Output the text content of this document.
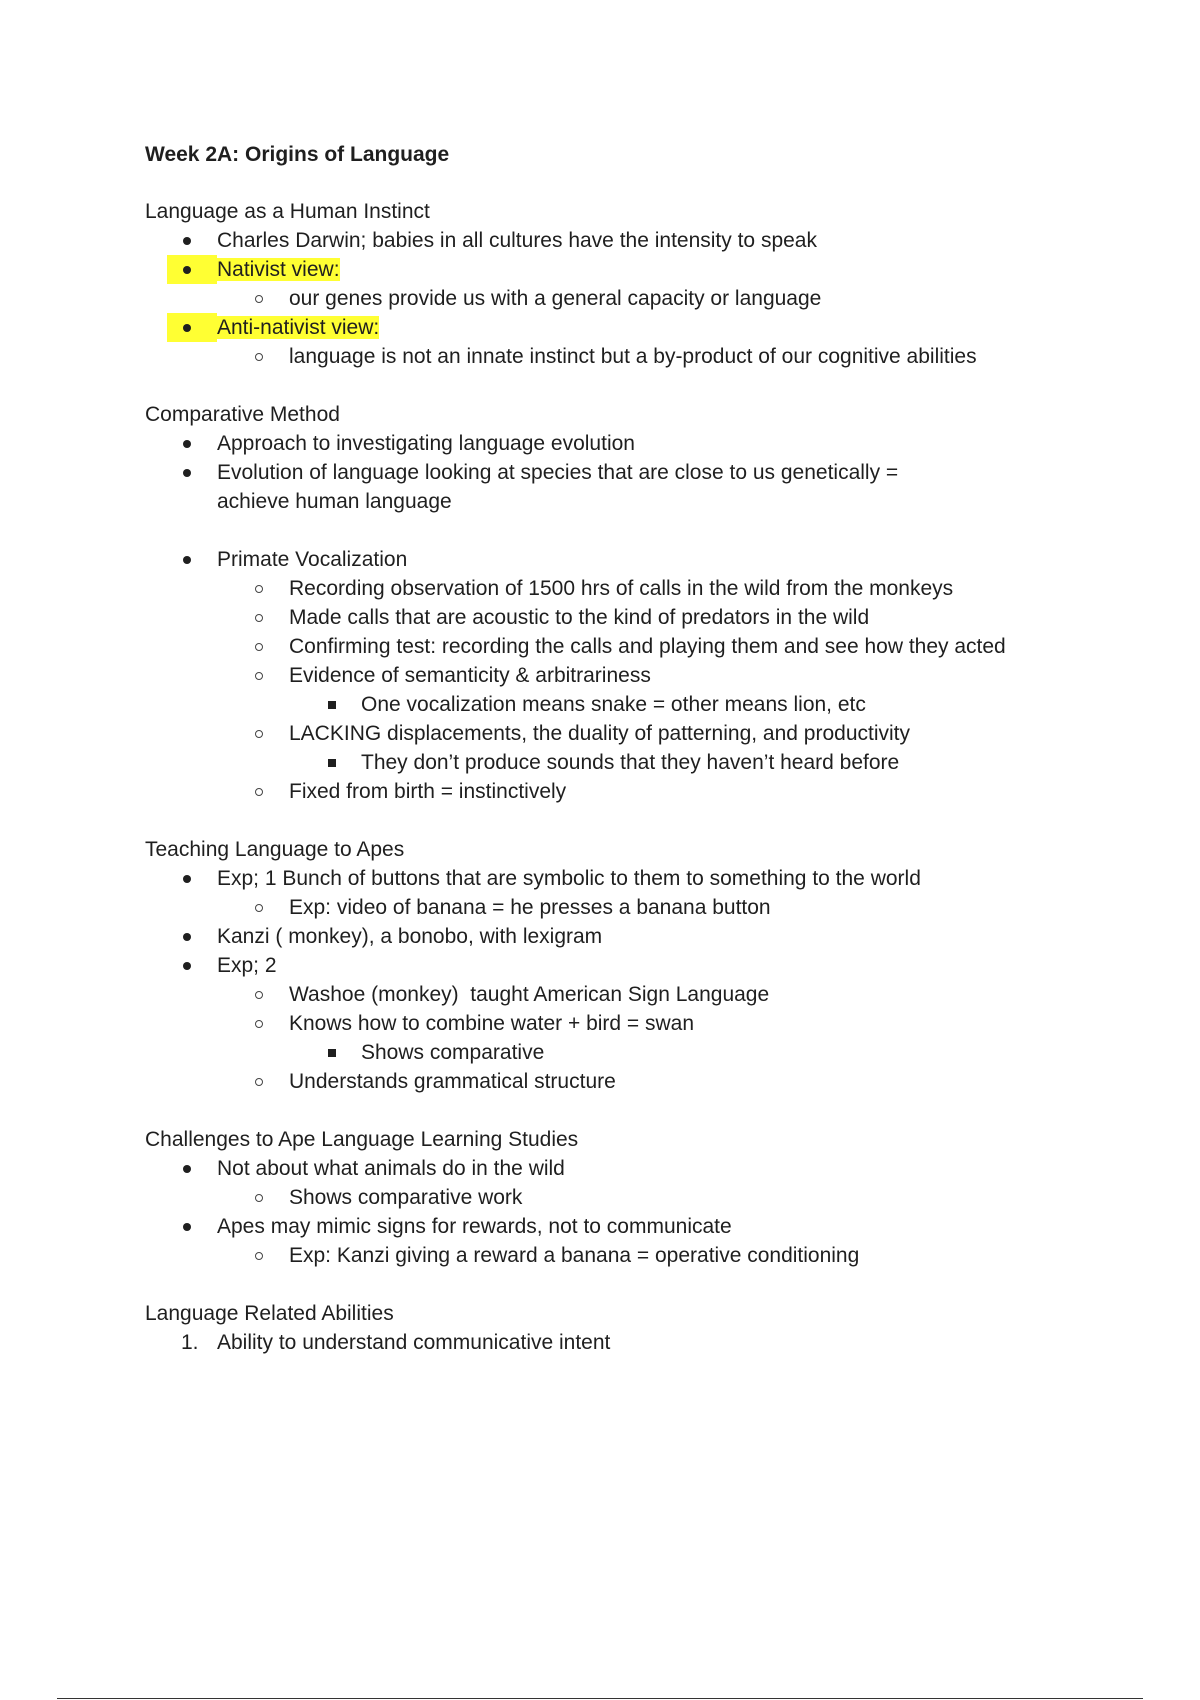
Week 2A: Origins of Language
Language as a Human Instinct
Charles Darwin; babies in all cultures have the intensity to speak
Nativist view:
our genes provide us with a general capacity or language
Anti-nativist view:
language is not an innate instinct but a by-product of our cognitive abilities
Comparative Method
Approach to investigating language evolution
Evolution of language looking at species that are close to us genetically = achieve human language
Primate Vocalization
Recording observation of 1500 hrs of calls in the wild from the monkeys
Made calls that are acoustic to the kind of predators in the wild
Confirming test: recording the calls and playing them and see how they acted
Evidence of semanticity & arbitrariness
One vocalization means snake = other means lion, etc
LACKING displacements, the duality of patterning, and productivity
They don’t produce sounds that they haven’t heard before
Fixed from birth = instinctively
Teaching Language to Apes
Exp; 1 Bunch of buttons that are symbolic to them to something to the world
Exp: video of banana = he presses a banana button
Kanzi ( monkey), a bonobo, with lexigram
Exp; 2
Washoe (monkey)  taught American Sign Language
Knows how to combine water + bird = swan
Shows comparative
Understands grammatical structure
Challenges to Ape Language Learning Studies
Not about what animals do in the wild
Shows comparative work
Apes may mimic signs for rewards, not to communicate
Exp: Kanzi giving a reward a banana = operative conditioning
Language Related Abilities
1. Ability to understand communicative intent
